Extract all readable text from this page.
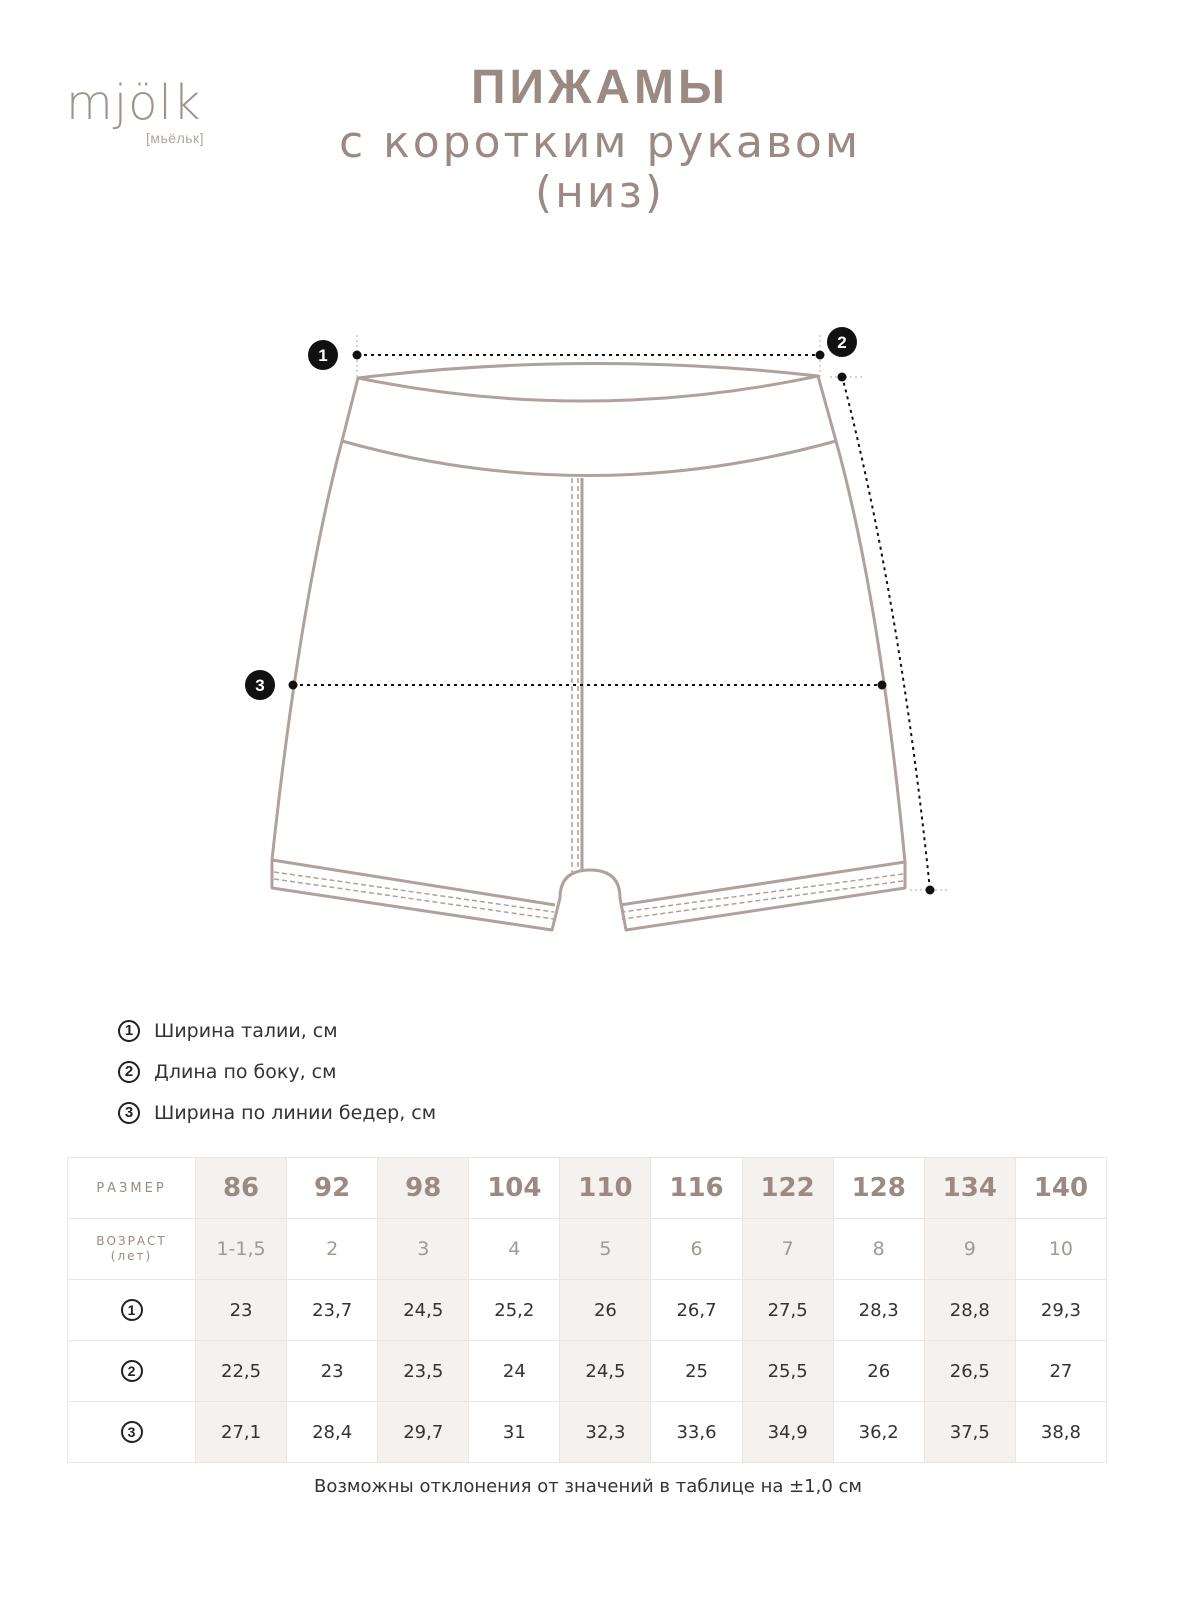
mjölk
[мьёльк]
ПИЖАМЫ
с коротким рукавом
(низ)
1
2
3
1	Ширина талии, см
2	Длина по боку, см
3	Ширина по линии бедер, см
РАЗМЕР	86	92	98	104	110	116	122	128	134	140

ВОЗРАСТ
(лет)	1-1,5	2	3	4	5	6	7	8	9	10
1	23	23,7	24,5	25,2	26	26,7	27,5	28,3	28,8	29,3
2	22,5	23	23,5	24	24,5	25	25,5	26	26,5	27
3	27,1	28,4	29,7	31	32,3	33,6	34,9	36,2	37,5	38,8
Возможны отклонения от значений в таблице на ±1,0 см
